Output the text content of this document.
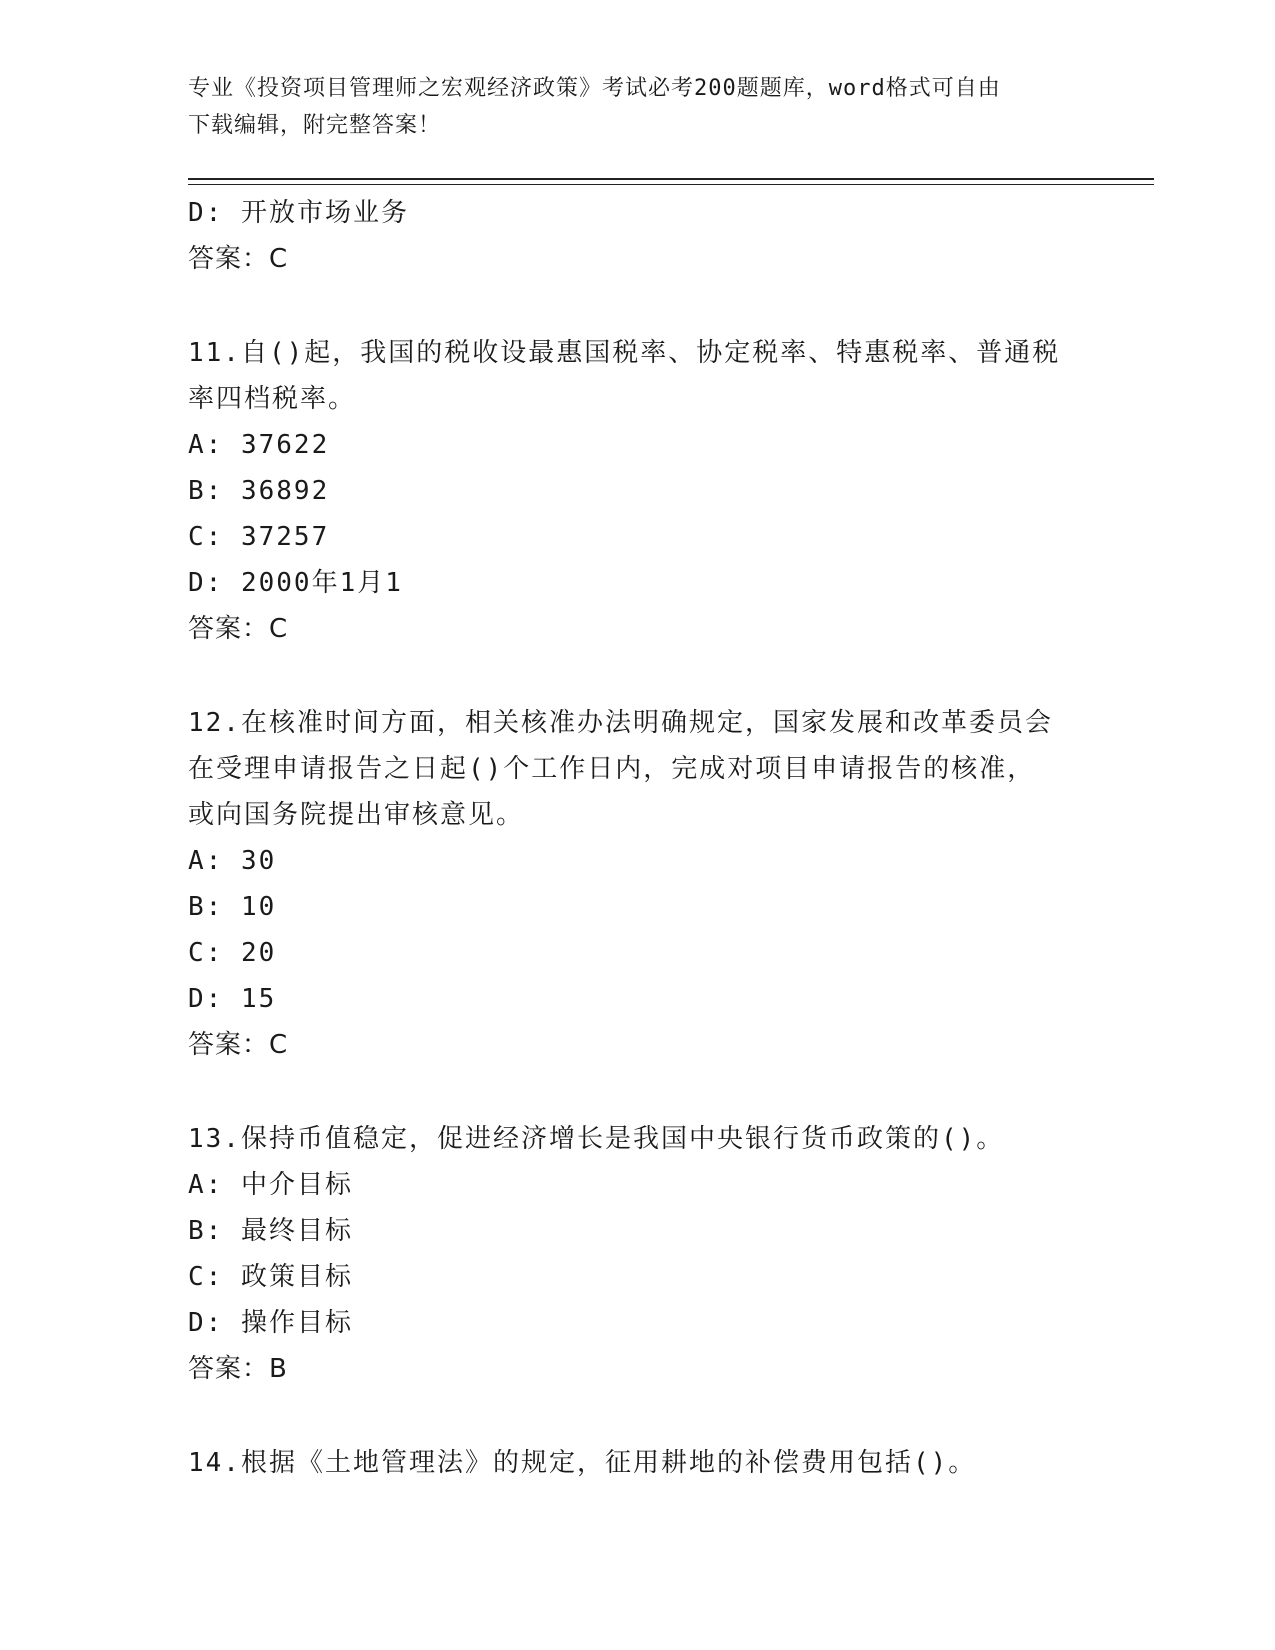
专业《投资项目管理师之宏观经济政策》考试必考200题题库，word格式可自由
下载编辑，附完整答案！
D: 开放市场业务
答案：C
11.自()起，我国的税收设最惠国税率、协定税率、特惠税率、普通税
率四档税率。
A: 37622
B: 36892
C: 37257
D: 2000年1月1
答案：C
12.在核准时间方面，相关核准办法明确规定，国家发展和改革委员会
在受理申请报告之日起()个工作日内，完成对项目申请报告的核准，
或向国务院提出审核意见。
A: 30
B: 10
C: 20
D: 15
答案：C
13.保持币值稳定，促进经济增长是我国中央银行货币政策的()。
A: 中介目标
B: 最终目标
C: 政策目标
D: 操作目标
答案：B
14.根据《土地管理法》的规定，征用耕地的补偿费用包括()。
